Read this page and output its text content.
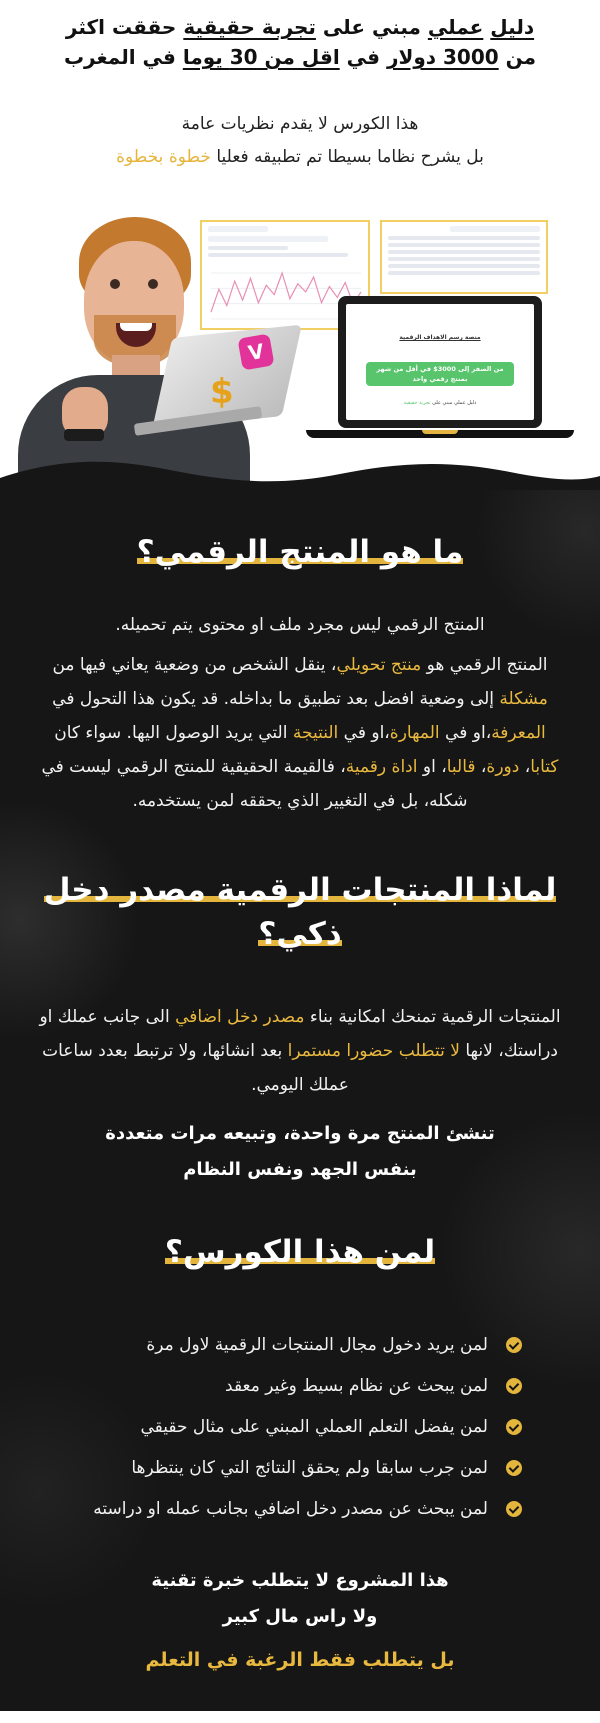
دليل عملي مبني على تجربة حقيقية حققت اكثر
من 3000 دولار في اقل من 30 يوما في المغرب
هذا الكورس لا يقدم نظريات عامة
بل يشرح نظاما بسيطا تم تطبيقه فعليا خطوة بخطوة
V
$
منصة رسم الاهداف الرقمية
من الصفر إلى 3000$ في أقل من شهر
بمنتج رقمي واحد
دليل عملي مبني على تجربة حقيقية
ما هو المنتج الرقمي؟

المنتج الرقمي ليس مجرد ملف او محتوى يتم تحميله.

المنتج الرقمي هو منتج تحويلي، ينقل الشخص من وضعية يعاني فيها من مشكلة إلى وضعية افضل بعد تطبيق ما بداخله. قد يكون هذا التحول في المعرفة،او في المهارة،او في النتيجة التي يريد الوصول اليها. سواء كان كتابا، دورة، قالبا، او اداة رقمية، فالقيمة الحقيقية للمنتج الرقمي ليست في شكله، بل في التغيير الذي يحققه لمن يستخدمه.

لماذا المنتجات الرقمية مصدر دخل ذكي؟

المنتجات الرقمية تمنحك امكانية بناء مصدر دخل اضافي الى جانب عملك او دراستك، لانها لا تتطلب حضورا مستمرا بعد انشائها، ولا ترتبط بعدد ساعات عملك اليومي.

تنشئ المنتج مرة واحدة، وتبيعه مرات متعددة
بنفس الجهد ونفس النظام
لمن هذا الكورس؟
لمن يريد دخول مجال المنتجات الرقمية لاول مرة
لمن يبحث عن نظام بسيط وغير معقد
لمن يفضل التعلم العملي المبني على مثال حقيقي
لمن جرب سابقا ولم يحقق النتائج التي كان ينتظرها
لمن يبحث عن مصدر دخل اضافي بجانب عمله او دراسته
هذا المشروع لا يتطلب خبرة تقنية
ولا راس مال كبير
بل يتطلب فقط الرغبة في التعلم
